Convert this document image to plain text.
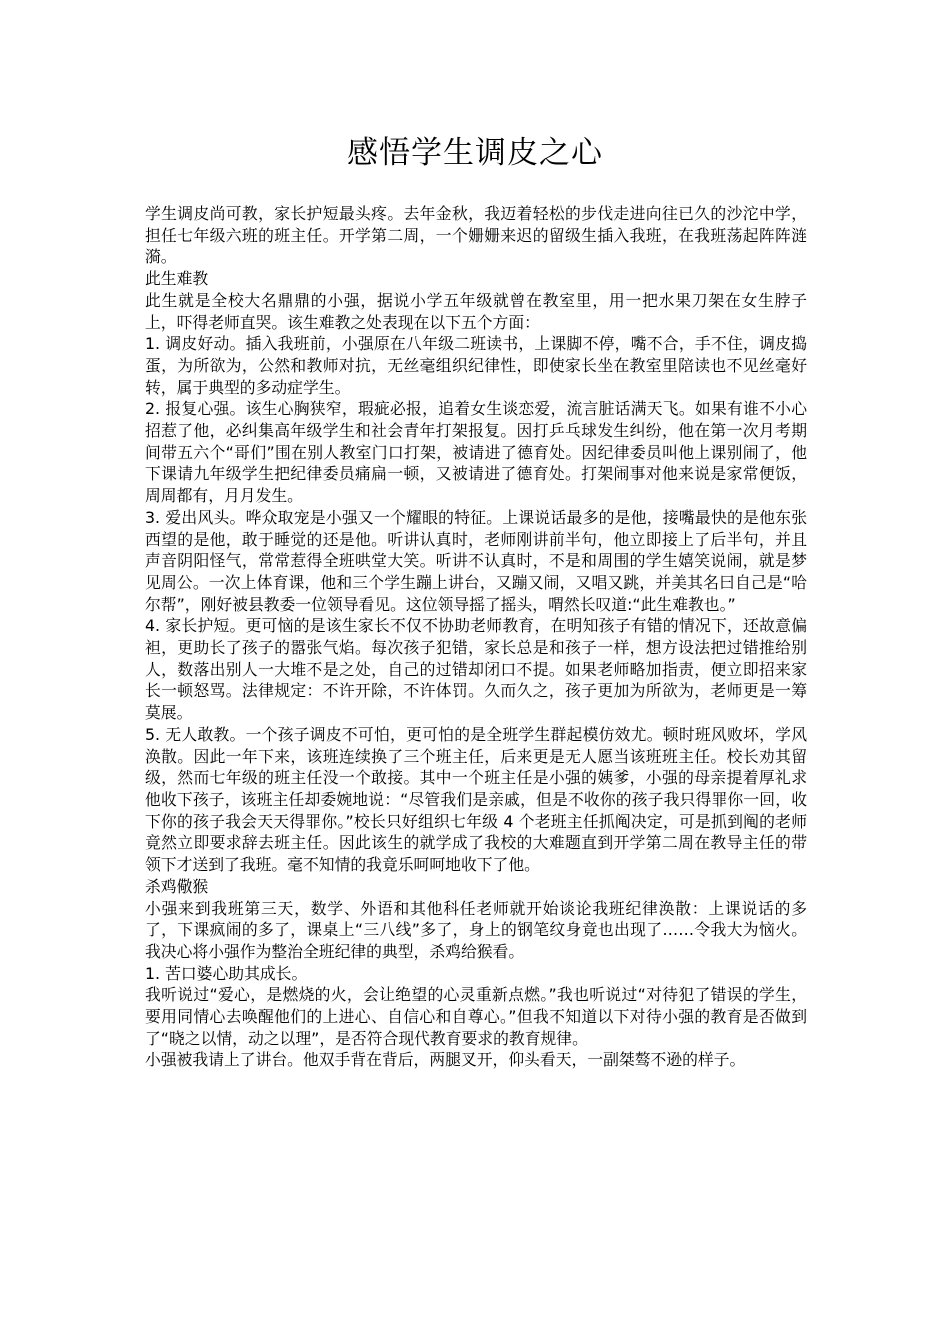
感悟学生调皮之心

学生调皮尚可教，家长护短最头疼。去年金秋，我迈着轻松的步伐走进向往已久的沙沱中学，担任七年级六班的班主任。开学第二周，一个姗姗来迟的留级生插入我班，在我班荡起阵阵涟漪。

此生难教

此生就是全校大名鼎鼎的小强，据说小学五年级就曾在教室里，用一把水果刀架在女生脖子上，吓得老师直哭。该生难教之处表现在以下五个方面：

1. 调皮好动。插入我班前，小强原在八年级二班读书，上课脚不停，嘴不合，手不住，调皮捣蛋，为所欲为，公然和教师对抗，无丝毫组织纪律性，即使家长坐在教室里陪读也不见丝毫好转，属于典型的多动症学生。

2. 报复心强。该生心胸狭窄，瑕疵必报，追着女生谈恋爱，流言脏话满天飞。如果有谁不小心招惹了他，必纠集高年级学生和社会青年打架报复。因打乒乓球发生纠纷，他在第一次月考期间带五六个“哥们”围在别人教室门口打架，被请进了德育处。因纪律委员叫他上课别闹了，他下课请九年级学生把纪律委员痛扁一顿，又被请进了德育处。打架闹事对他来说是家常便饭，周周都有，月月发生。

3. 爱出风头。哗众取宠是小强又一个耀眼的特征。上课说话最多的是他，接嘴最快的是他东张西望的是他，敢于睡觉的还是他。听讲认真时，老师刚讲前半句，他立即接上了后半句，并且声音阴阳怪气，常常惹得全班哄堂大笑。听讲不认真时，不是和周围的学生嬉笑说闹，就是梦见周公。一次上体育课，他和三个学生蹦上讲台，又蹦又闹，又唱又跳，并美其名曰自己是“哈尔帮”，刚好被县教委一位领导看见。这位领导摇了摇头，喟然长叹道:“此生难教也。”

4. 家长护短。更可恼的是该生家长不仅不协助老师教育，在明知孩子有错的情况下，还故意偏袒，更助长了孩子的嚣张气焰。每次孩子犯错，家长总是和孩子一样，想方设法把过错推给别人，数落出别人一大堆不是之处，自己的过错却闭口不提。如果老师略加指责，便立即招来家长一顿怒骂。法律规定：不许开除，不许体罚。久而久之，孩子更加为所欲为，老师更是一筹莫展。

5. 无人敢教。一个孩子调皮不可怕，更可怕的是全班学生群起模仿效尤。顿时班风败坏，学风涣散。因此一年下来，该班连续换了三个班主任，后来更是无人愿当该班班主任。校长劝其留级，然而七年级的班主任没一个敢接。其中一个班主任是小强的姨爹，小强的母亲提着厚礼求他收下孩子，该班主任却委婉地说：“尽管我们是亲戚，但是不收你的孩子我只得罪你一回，收下你的孩子我会天天得罪你。”校长只好组织七年级 4 个老班主任抓阄决定，可是抓到阄的老师竟然立即要求辞去班主任。因此该生的就学成了我校的大难题直到开学第二周在教导主任的带领下才送到了我班。毫不知情的我竟乐呵呵地收下了他。

杀鸡儆猴

小强来到我班第三天，数学、外语和其他科任老师就开始谈论我班纪律涣散：上课说话的多了，下课疯闹的多了，课桌上“三八线”多了，身上的钢笔纹身竟也出现了……令我大为恼火。我决心将小强作为整治全班纪律的典型，杀鸡给猴看。

1. 苦口婆心助其成长。

我听说过“爱心，是燃烧的火，会让绝望的心灵重新点燃。”我也听说过“对待犯了错误的学生，要用同情心去唤醒他们的上进心、自信心和自尊心。”但我不知道以下对待小强的教育是否做到了“晓之以情，动之以理”，是否符合现代教育要求的教育规律。

小强被我请上了讲台。他双手背在背后，两腿叉开，仰头看天，一副桀骜不逊的样子。
